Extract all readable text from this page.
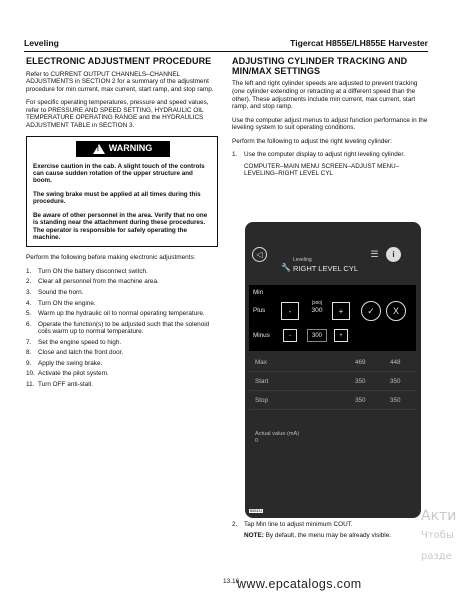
Leveling	Tigercat H855E/LH855E Harvester
ELECTRONIC ADJUSTMENT PROCEDURE

Refer to CURRENT OUTPUT CHANNELS–CHANNEL ADJUSTMENTS in SECTION 2 for a summary of the adjustment procedure for min current, max current, start ramp, and stop ramp.

For specific operating temperatures, pressure and speed values, refer to PRESSURE AND SPEED SETTING, HYDRAULIC OIL TEMPERATURE OPERATING RANGE and the HYDRAULICS ADJUSTMENT TABLE in SECTION 3.

! WARNING

Exercise caution in the cab. A slight touch of the controls can cause sudden rotation of the upper structure and boom.

The swing brake must be applied at all times during this procedure.

Be aware of other personnel in the area. Verify that no one is standing near the attachment during these procedures. The operator is responsible for safely operating the machine.

Perform the following before making electronic adjustments:

1.	Turn ON the battery disconnect switch.
2.	Clear all personnel from the machine area.
3.	Sound the horn.
4.	Turn ON the engine.
5.	Warm up the hydraulic oil to normal operating temperature.
6.	Operate the function(s) to be adjusted such that the solenoid coils warm up to normal temperature.
7.	Set the engine speed to high.
8.	Close and latch the front door.
9.	Apply the swing brake.
10. Activate the pilot system.
11. Turn OFF anti-stall.
ADJUSTING CYLINDER TRACKING AND MIN/MAX SETTINGS

The left and right cylinder speeds are adjusted to prevent tracking (one cylinder extending or retracting at a different speed than the other). These adjustments include min current, max current, start ramp, and stop ramp.

Use the computer adjust menus to adjust function performance in the leveling system to suit operating conditions.

Perform the following to adjust the right leveling cylinder:

1.	Use the computer display to adjust right leveling cylinder.
COMPUTER–MAIN MENU SCREEN–ADJUST MENU–LEVELING–RIGHT LEVEL CYL
◁	☰	i
🔧
Leveling
RIGHT LEVEL CYL
Min
Plus	-
[300]
300	+	✓	X
Minus	-	300	+
Max	469	448
Start	350	350
Stop	350	350
Actual value (mA)
0
B65431
2.	Tap Min line to adjust minimum COUT.
NOTE: By default, the menu may be already visible.
13.16
www.epcatalogs.com
Акти
Чтобы
разде
